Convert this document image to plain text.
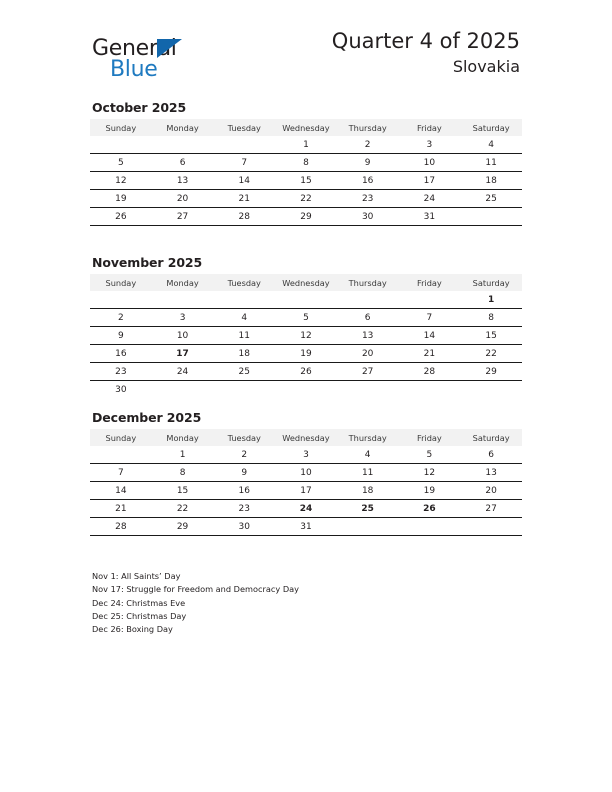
General
Blue
Quarter 4 of 2025
Slovakia
October 2025
Sunday	Monday	Tuesday	Wednesday	Thursday	Friday	Saturday
			1	2	3	4
5	6	7	8	9	10	11
12	13	14	15	16	17	18
19	20	21	22	23	24	25
26	27	28	29	30	31	
November 2025
Sunday	Monday	Tuesday	Wednesday	Thursday	Friday	Saturday
						1
2	3	4	5	6	7	8
9	10	11	12	13	14	15
16	17	18	19	20	21	22
23	24	25	26	27	28	29
30						
December 2025
Sunday	Monday	Tuesday	Wednesday	Thursday	Friday	Saturday
	1	2	3	4	5	6
7	8	9	10	11	12	13
14	15	16	17	18	19	20
21	22	23	24	25	26	27
28	29	30	31			
Nov 1: All Saints’ Day
Nov 17: Struggle for Freedom and Democracy Day
Dec 24: Christmas Eve
Dec 25: Christmas Day
Dec 26: Boxing Day
